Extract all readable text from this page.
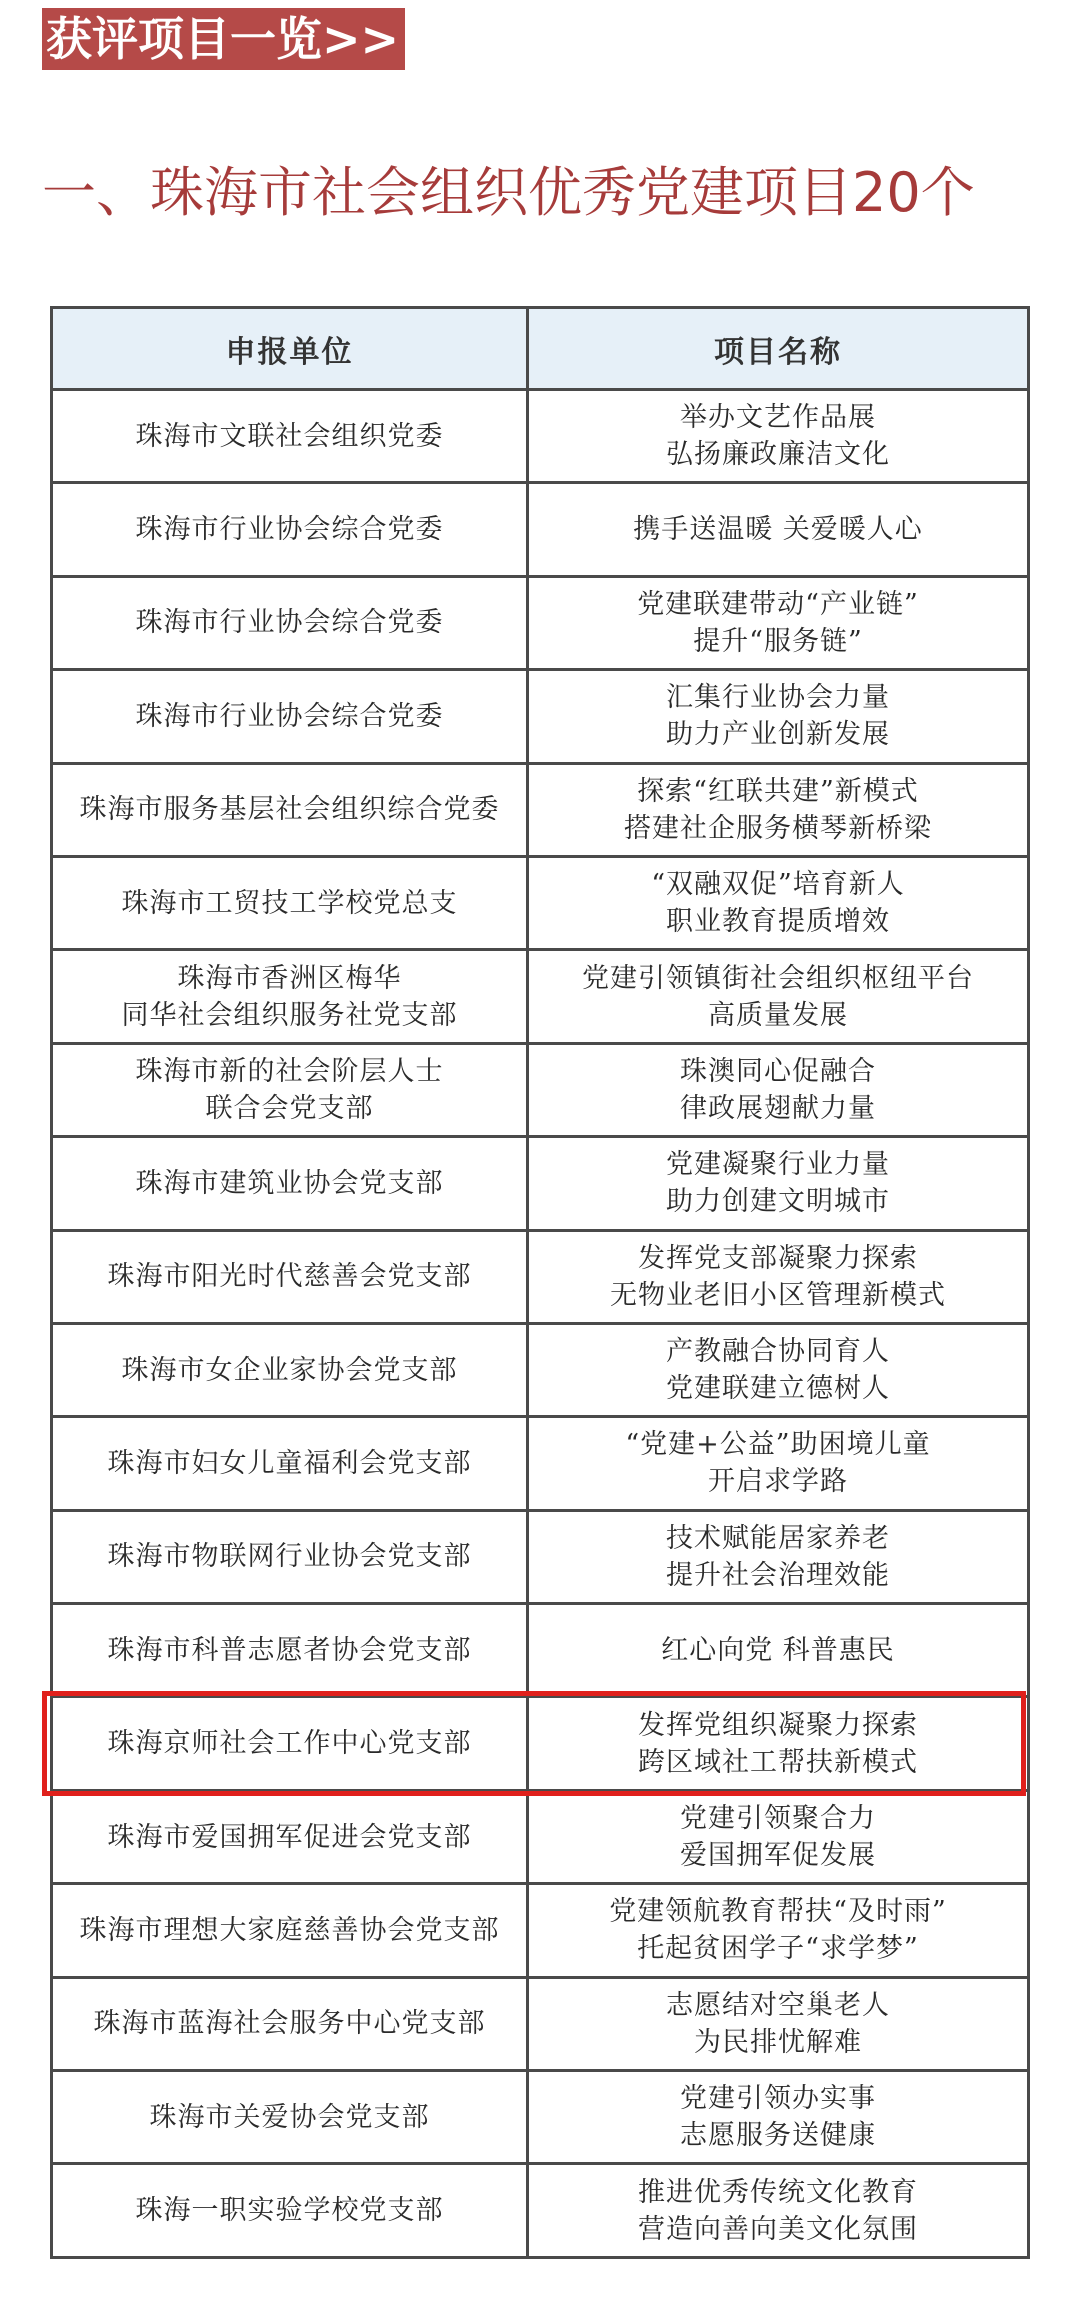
获评项目一览>>
一、珠海市社会组织优秀党建项目20个
申报单位	项目名称

珠海市文联社会组织党委	举办文艺作品展
弘扬廉政廉洁文化

珠海市行业协会综合党委	携手送温暖 关爱暖人心

珠海市行业协会综合党委	党建联建带动“产业链”
提升“服务链”

珠海市行业协会综合党委	汇集行业协会力量
助力产业创新发展

珠海市服务基层社会组织综合党委	探索“红联共建”新模式
搭建社企服务横琴新桥梁

珠海市工贸技工学校党总支	“双融双促”培育新人
职业教育提质增效

珠海市香洲区梅华
同华社会组织服务社党支部	党建引领镇街社会组织枢纽平台
高质量发展

珠海市新的社会阶层人士
联合会党支部	珠澳同心促融合
律政展翅献力量

珠海市建筑业协会党支部	党建凝聚行业力量
助力创建文明城市

珠海市阳光时代慈善会党支部	发挥党支部凝聚力探索
无物业老旧小区管理新模式

珠海市女企业家协会党支部	产教融合协同育人
党建联建立德树人

珠海市妇女儿童福利会党支部	“党建+公益”助困境儿童
开启求学路

珠海市物联网行业协会党支部	技术赋能居家养老
提升社会治理效能

珠海市科普志愿者协会党支部	红心向党 科普惠民

珠海京师社会工作中心党支部	发挥党组织凝聚力探索
跨区域社工帮扶新模式

珠海市爱国拥军促进会党支部	党建引领聚合力
爱国拥军促发展

珠海市理想大家庭慈善协会党支部	党建领航教育帮扶“及时雨”
托起贫困学子“求学梦”

珠海市蓝海社会服务中心党支部	志愿结对空巢老人
为民排忧解难

珠海市关爱协会党支部	党建引领办实事
志愿服务送健康

珠海一职实验学校党支部	推进优秀传统文化教育
营造向善向美文化氛围
